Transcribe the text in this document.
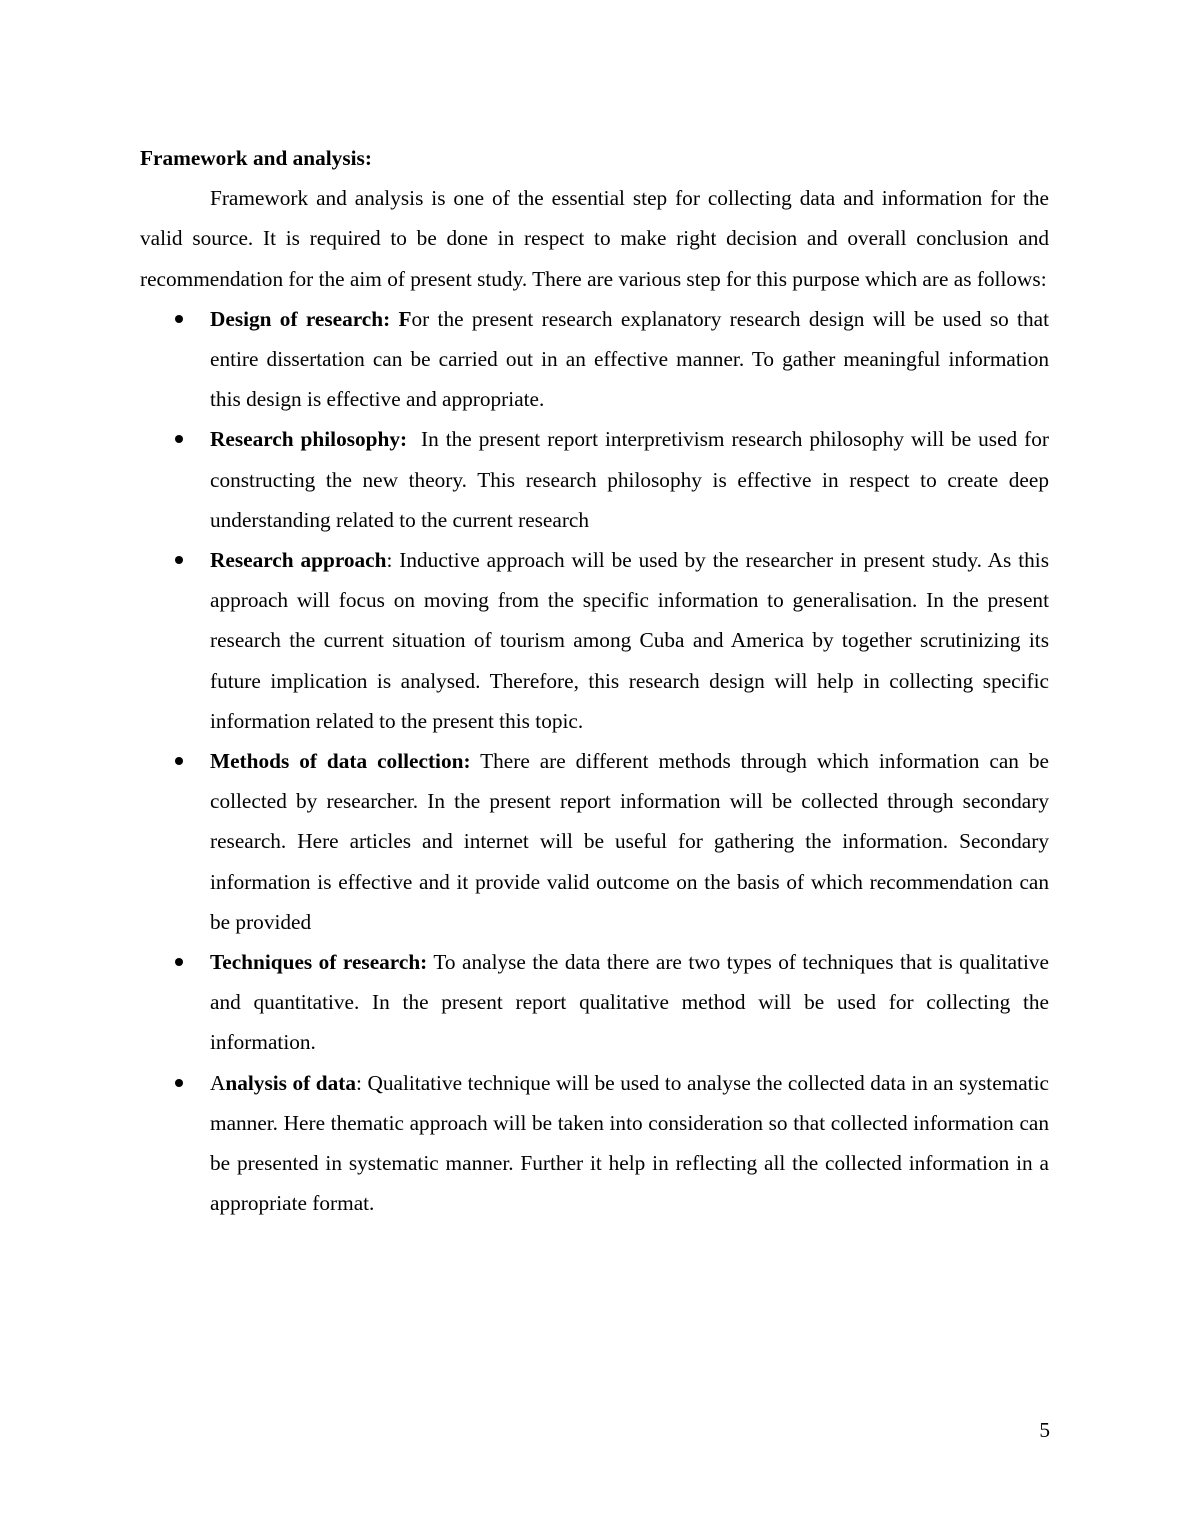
Framework and analysis:

Framework and analysis is one of the essential step for collecting data and information for the valid source. It is required to be done in respect to make right decision and overall conclusion and recommendation for the aim of present study. There are various step for this purpose which are as follows:

Design of research: For the present research explanatory research design will be used so that entire dissertation can be carried out in an effective manner. To gather meaningful information this design is effective and appropriate.
Research philosophy:  In the present report interpretivism research philosophy will be used for constructing the new theory. This research philosophy is effective in respect to create deep understanding related to the current research
Research approach: Inductive approach will be used by the researcher in present study. As this approach will focus on moving from the specific information to generalisation. In the present research the current situation of tourism among Cuba and America by together scrutinizing its future implication is analysed. Therefore, this research design will help in collecting specific information related to the present this topic.
Methods of data collection: There are different methods through which information can be collected by researcher. In the present report information will be collected through secondary research. Here articles and internet will be useful for gathering the information. Secondary information is effective and it provide valid outcome on the basis of which recommendation can be provided
Techniques of research: To analyse the data there are two types of techniques that is qualitative and quantitative. In the present report qualitative method will be used for collecting the information.
Analysis of data: Qualitative technique will be used to analyse the collected data in an systematic manner. Here thematic approach will be taken into consideration so that collected information can be presented in systematic manner. Further it help in reflecting all the collected information in a appropriate format.
5
